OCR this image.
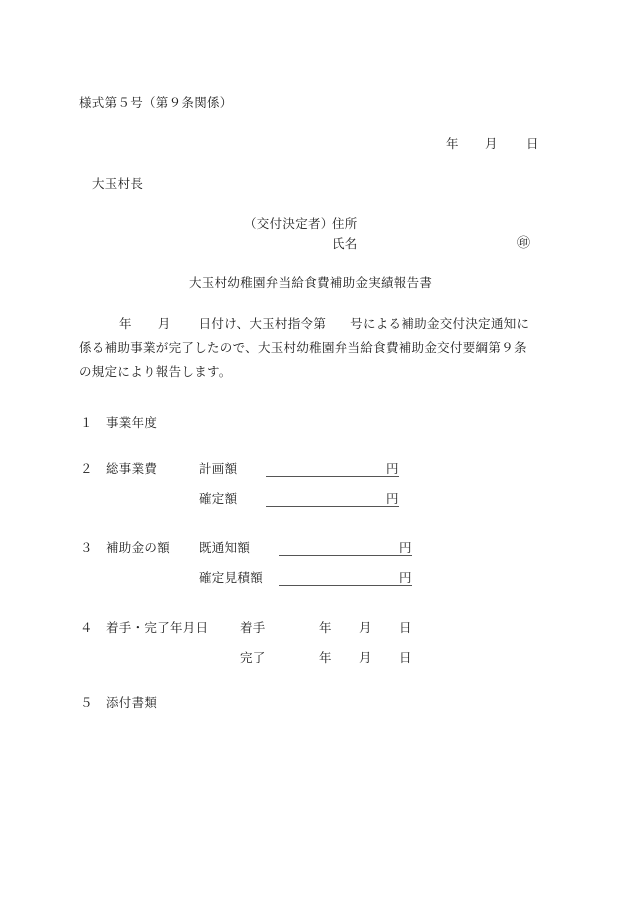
様式第５号（第９条関係）
年 月 日
大玉村長
（交付決定者）
住所
氏名	㊞
大玉村幼稚園弁当給食費補助金実績報告書
年 月 日付け、大玉村指令第 号による補助金交付決定通知に
係る補助事業が完了したので、大玉村幼稚園弁当給食費補助金交付要綱第９条
の規定により報告します。
１ 事業年度
２ 総事業費	計画額	円
確定額	円
３ 補助金の額 既通知額	円
確定見積額	円
４ 着手・完了年月日	着手	年 月 日
完了	年 月 日
５ 添付書類
